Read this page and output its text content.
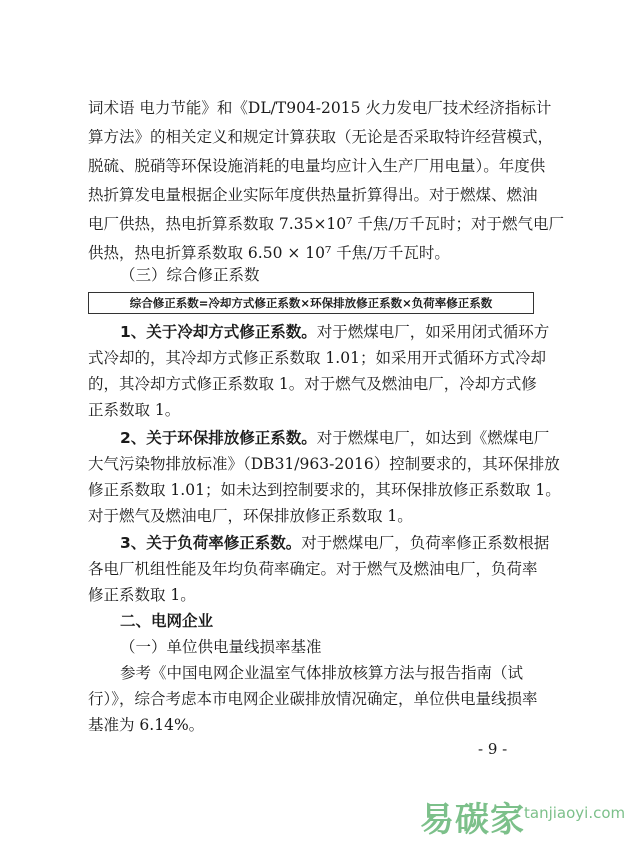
词术语 电力节能》和《DL/T904-2015 火力发电厂技术经济指标计
算方法》的相关定义和规定计算获取（无论是否采取特许经营模式，
脱硫、脱硝等环保设施消耗的电量均应计入生产厂用电量）。年度供
热折算发电量根据企业实际年度供热量折算得出。对于燃煤、燃油
电厂供热，热电折算系数取 7.35×10⁷ 千焦/万千瓦时；对于燃气电厂
供热，热电折算系数取 6.50 × 10⁷ 千焦/万千瓦时。
（三）综合修正系数
综合修正系数=冷却方式修正系数×环保排放修正系数×负荷率修正系数
1、关于冷却方式修正系数。对于燃煤电厂，如采用闭式循环方
式冷却的，其冷却方式修正系数取 1.01；如采用开式循环方式冷却
的，其冷却方式修正系数取 1。对于燃气及燃油电厂，冷却方式修
正系数取 1。
2、关于环保排放修正系数。对于燃煤电厂，如达到《燃煤电厂
大气污染物排放标准》（DB31/963-2016）控制要求的，其环保排放
修正系数取 1.01；如未达到控制要求的，其环保排放修正系数取 1。
对于燃气及燃油电厂，环保排放修正系数取 1。
3、关于负荷率修正系数。对于燃煤电厂，负荷率修正系数根据
各电厂机组性能及年均负荷率确定。对于燃气及燃油电厂，负荷率
修正系数取 1。
二、电网企业
（一）单位供电量线损率基准
参考《中国电网企业温室气体排放核算方法与报告指南（试
行）》，综合考虑本市电网企业碳排放情况确定，单位供电量线损率
基准为 6.14%。
- 9 -
易碳家 tanjiaoyi.com
